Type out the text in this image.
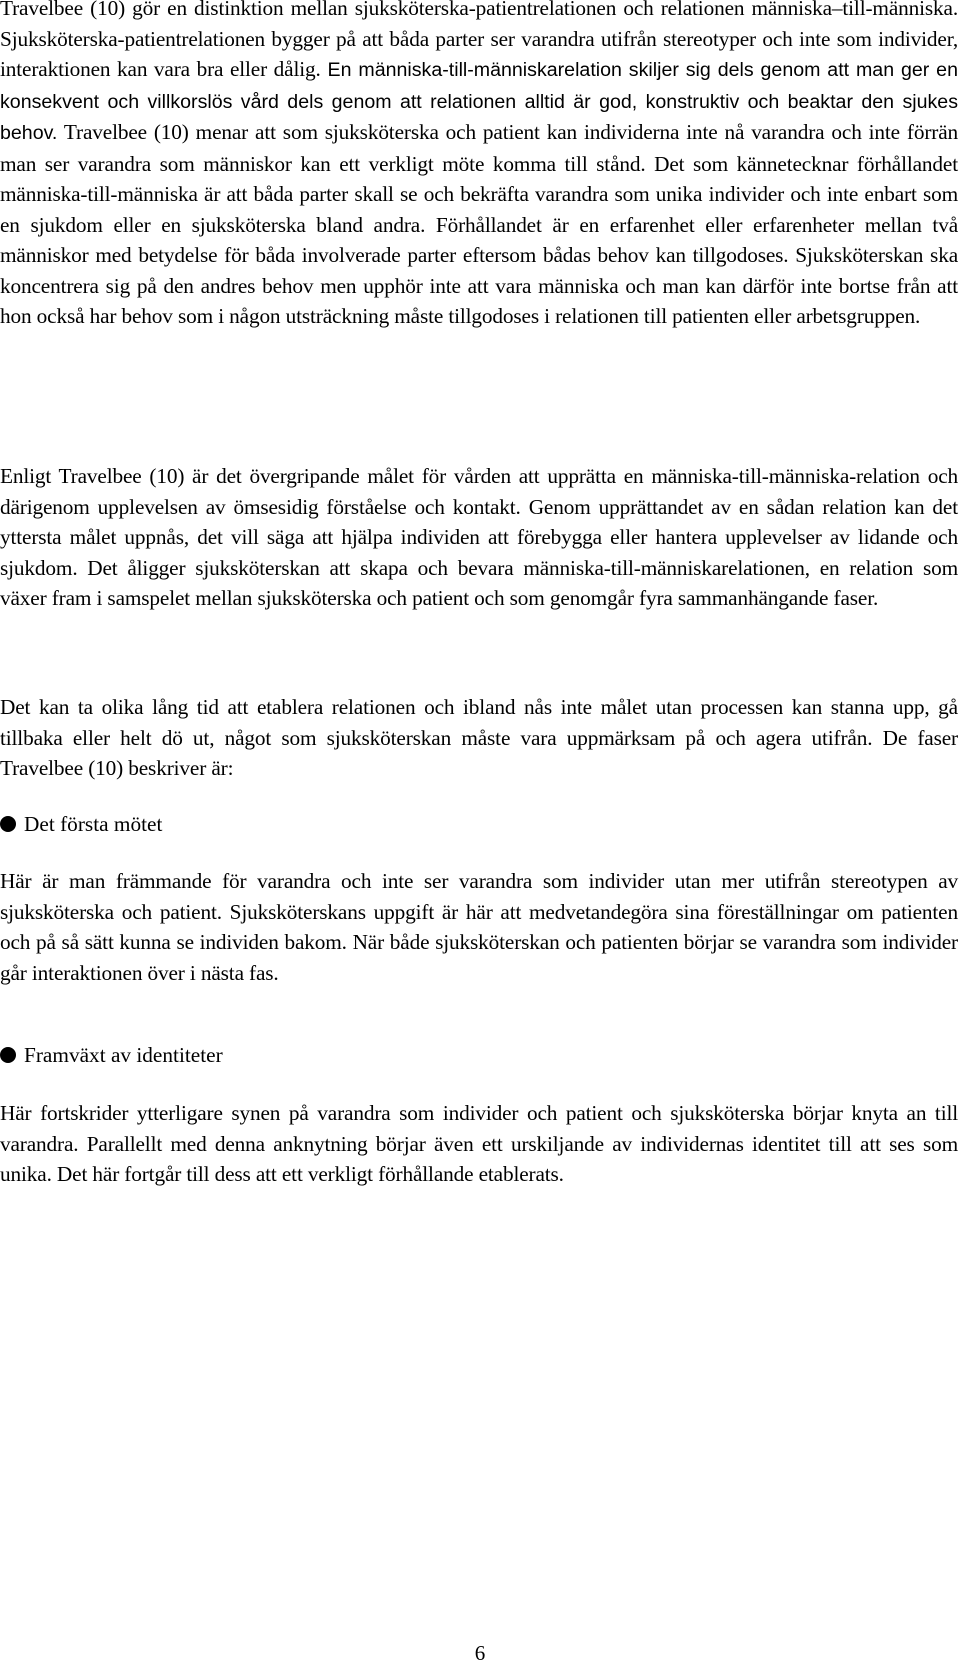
Travelbee (10) gör en distinktion mellan sjuksköterska-patientrelationen och relationen människa–till-människa. Sjuksköterska-patientrelationen bygger på att båda parter ser varandra utifrån stereotyper och inte som individer, interaktionen kan vara bra eller dålig. En människa-till-människarelation skiljer sig dels genom att man ger en konsekvent och villkorslös vård dels genom att relationen alltid är god, konstruktiv och beaktar den sjukes behov. Travelbee (10) menar att som sjuksköterska och patient kan individerna inte nå varandra och inte förrän man ser varandra som människor kan ett verkligt möte komma till stånd. Det som kännetecknar förhållandet människa-till-människa är att båda parter skall se och bekräfta varandra som unika individer och inte enbart som en sjukdom eller en sjuksköterska bland andra. Förhållandet är en erfarenhet eller erfarenheter mellan två människor med betydelse för båda involverade parter eftersom bådas behov kan tillgodoses. Sjuksköterskan ska koncentrera sig på den andres behov men upphör inte att vara människa och man kan därför inte bortse från att hon också har behov som i någon utsträckning måste tillgodoses i relationen till patienten eller arbetsgruppen.

Enligt Travelbee (10) är det övergripande målet för vården att upprätta en människa-till-människa-relation och därigenom upplevelsen av ömsesidig förståelse och kontakt. Genom upprättandet av en sådan relation kan det yttersta målet uppnås, det vill säga att hjälpa individen att förebygga eller hantera upplevelser av lidande och sjukdom. Det åligger sjuksköterskan att skapa och bevara människa-till-människarelationen, en relation som växer fram i samspelet mellan sjuksköterska och patient och som genomgår fyra sammanhängande faser.

Det kan ta olika lång tid att etablera relationen och ibland nås inte målet utan processen kan stanna upp, gå tillbaka eller helt dö ut, något som sjuksköterskan måste vara uppmärksam på och agera utifrån. De faser Travelbee (10) beskriver är:

Det första mötet

Här är man främmande för varandra och inte ser varandra som individer utan mer utifrån stereotypen av sjuksköterska och patient. Sjuksköterskans uppgift är här att medvetandegöra sina föreställningar om patienten och på så sätt kunna se individen bakom. När både sjuksköterskan och patienten börjar se varandra som individer går interaktionen över i nästa fas.

Framväxt av identiteter

Här fortskrider ytterligare synen på varandra som individer och patient och sjuksköterska börjar knyta an till varandra. Parallellt med denna anknytning börjar även ett urskiljande av individernas identitet till att ses som unika. Det här fortgår till dess att ett verkligt förhållande etablerats.

6
